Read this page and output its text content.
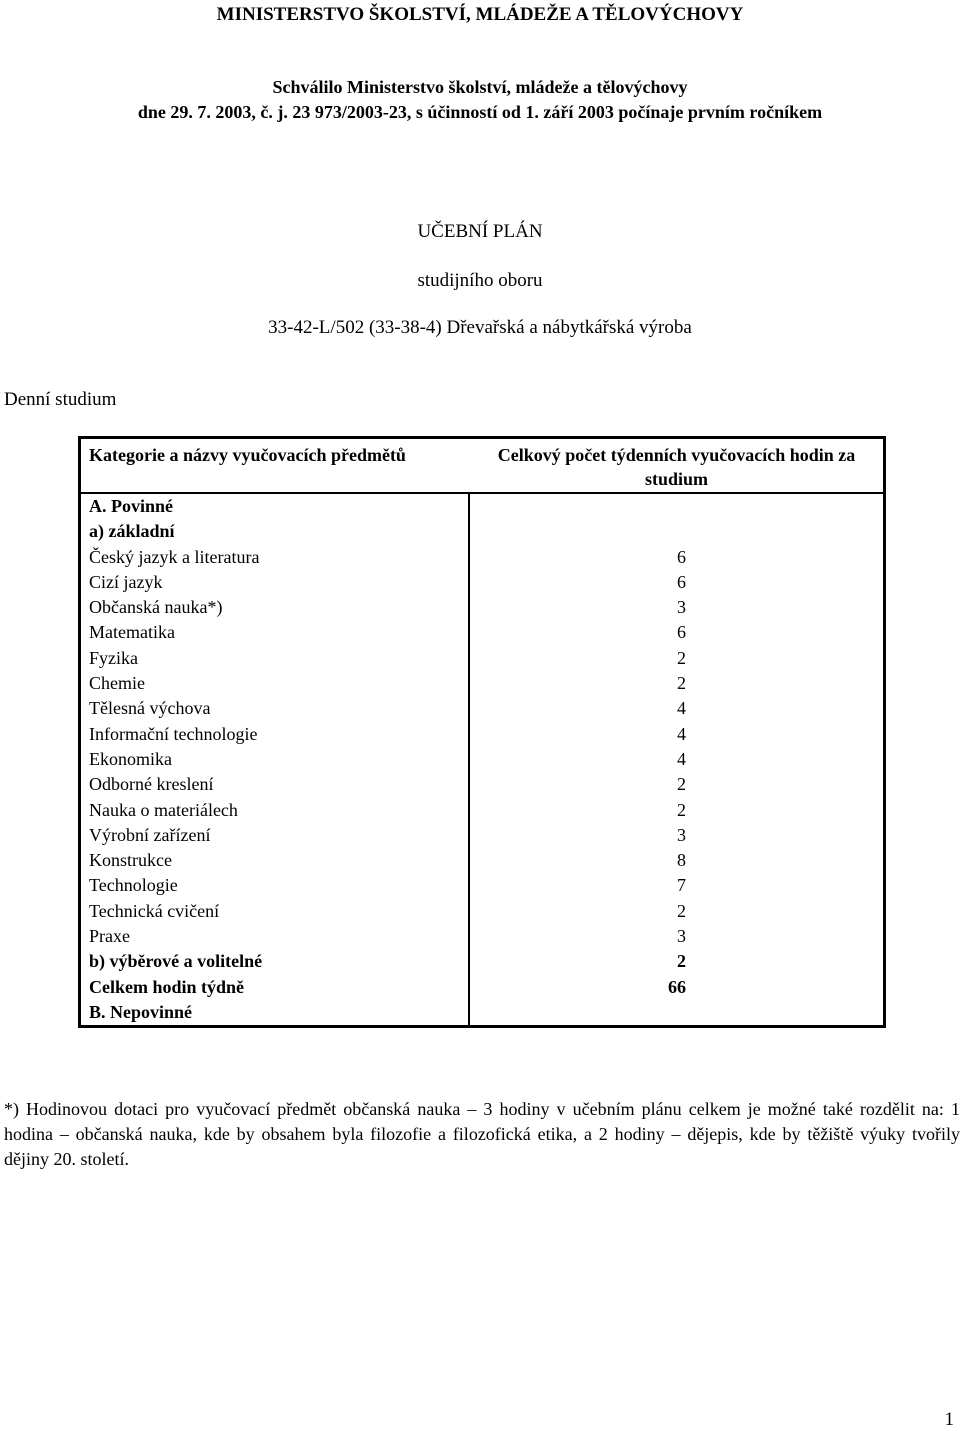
MINISTERSTVO ŠKOLSTVÍ, MLÁDEŽE A TĚLOVÝCHOVY
Schválilo Ministerstvo školství, mládeže a tělovýchovy
dne 29. 7. 2003, č. j. 23 973/2003-23, s účinností od 1. září 2003 počínaje prvním ročníkem
UČEBNÍ PLÁN
studijního oboru
33-42-L/502 (33-38-4) Dřevařská a nábytkářská výroba
Denní studium
Kategorie a názvy vyučovacích předmětů	Celkový počet týdenních vyučovacích hodin za studium
A. Povinné
a) základní
Český jazyk a literatura	6
Cizí jazyk	6
Občanská nauka*)	3
Matematika	6
Fyzika	2
Chemie	2
Tělesná výchova	4
Informační technologie	4
Ekonomika	4
Odborné kreslení	2
Nauka o materiálech	2
Výrobní zařízení	3
Konstrukce	8
Technologie	7
Technická cvičení	2
Praxe	3
b) výběrové a volitelné	2
Celkem hodin týdně	66
B. Nepovinné
*) Hodinovou dotaci pro vyučovací předmět občanská nauka – 3 hodiny v učebním plánu celkem je možné také rozdělit na: 1 hodina – občanská nauka, kde by obsahem byla filozofie a filozofická etika, a 2 hodiny – dějepis, kde by těžiště výuky tvořily dějiny 20. století.
1
